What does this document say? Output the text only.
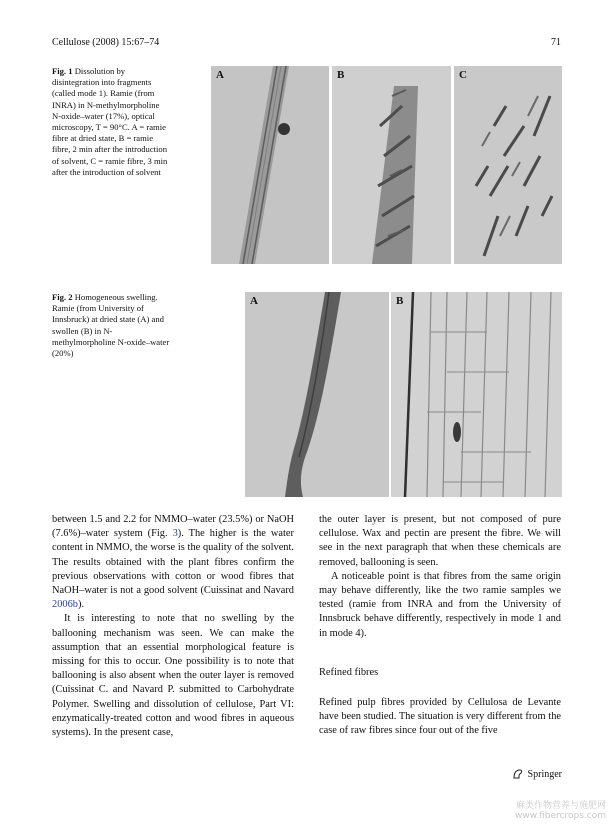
Cellulose (2008) 15:67–74	71
Fig. 1 Dissolution by disintegration into fragments (called mode 1). Ramie (from INRA) in N-methylmorpholine N-oxide–water (17%), optical microscopy, T = 90°C. A = ramie fibre at dried state, B = ramie fibre, 2 min after the introduction of solvent, C = ramie fibre, 3 min after the introduction of solvent
A	B	C
Fig. 2 Homogeneous swelling. Ramie (from University of Innsbruck) at dried state (A) and swollen (B) in N-methylmorpholine N-oxide–water (20%)
A	B

between 1.5 and 2.2 for NMMO–water (23.5%) or NaOH (7.6%)–water system (Fig. 3). The higher is the water content in NMMO, the worse is the quality of the solvent. The results obtained with the plant fibres confirm the previous observations with cotton or wood fibres that NaOH–water is not a good solvent (Cuissinat and Navard 2006b).

It is interesting to note that no swelling by the ballooning mechanism was seen. We can make the assumption that an essential morphological feature is missing for this to occur. One possibility is to note that ballooning is also absent when the outer layer is removed (Cuissinat C. and Navard P. submitted to Carbohydrate Polymer. Swelling and dissolution of cellulose, Part VI: enzymatically-treated cotton and wood fibres in aqueous systems). In the present case,

the outer layer is present, but not composed of pure cellulose. Wax and pectin are present the fibre. We will see in the next paragraph that when these chemicals are removed, ballooning is seen.

A noticeable point is that fibres from the same origin may behave differently, like the two ramie samples we tested (ramie from INRA and from the University of Innsbruck behave differently, respectively in mode 1 and in mode 4).

Refined fibres

Refined pulp fibres provided by Cellulosa de Levante have been studied. The situation is very different from the case of raw fibres since four out of the five

Springer
麻类作物营养与施肥网
www.fibercrops.com
